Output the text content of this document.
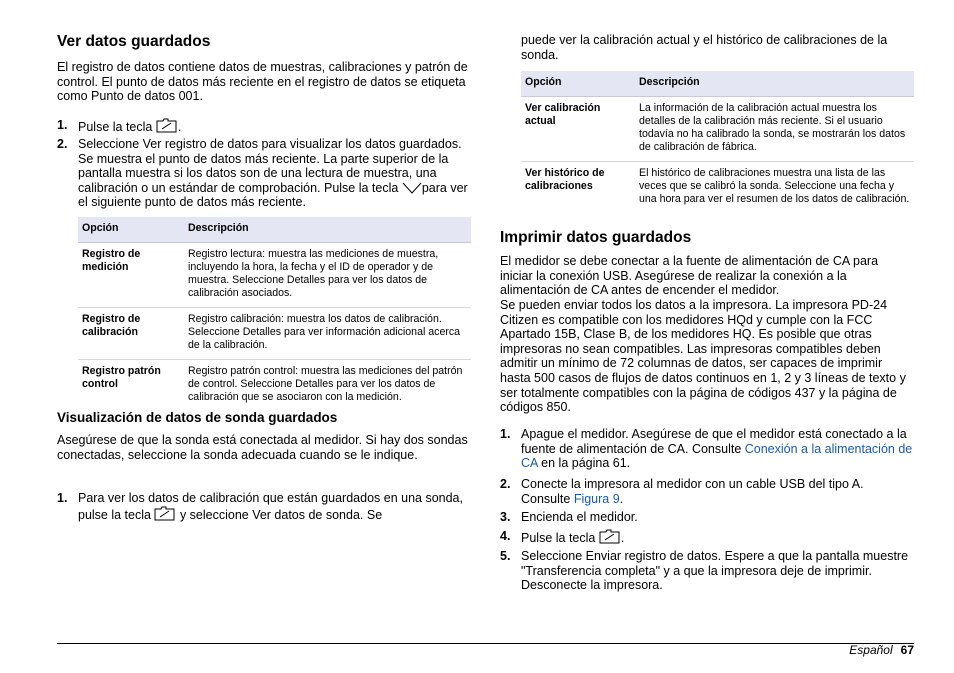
Ver datos guardados

El registro de datos contiene datos de muestras, calibraciones y patrón de control. El punto de datos más reciente en el registro de datos se etiqueta como Punto de datos 001.

1. Pulse la tecla .
2. Seleccione Ver registro de datos para visualizar los datos guardados. Se muestra el punto de datos más reciente. La parte superior de la pantalla muestra si los datos son de una lectura de muestra, una calibración o un estándar de comprobación. Pulse la tecla para ver el siguiente punto de datos más reciente.
Opción	Descripción
Registro de medición	Registro lectura: muestra las mediciones de muestra, incluyendo la hora, la fecha y el ID de operador y de muestra. Seleccione Detalles para ver los datos de calibración asociados.
Registro de calibración	Registro calibración: muestra los datos de calibración. Seleccione Detalles para ver información adicional acerca de la calibración.
Registro patrón control	Registro patrón control: muestra las mediciones del patrón de control. Seleccione Detalles para ver los datos de calibración que se asociaron con la medición.
Visualización de datos de sonda guardados

Asegúrese de que la sonda está conectada al medidor. Si hay dos sondas conectadas, seleccione la sonda adecuada cuando se le indique.

1. Para ver los datos de calibración que están guardados en una sonda, pulse la tecla y seleccione Ver datos de sonda. Se

puede ver la calibración actual y el histórico de calibraciones de la sonda.

Opción	Descripción
Ver calibración actual	La información de la calibración actual muestra los detalles de la calibración más reciente. Si el usuario todavía no ha calibrado la sonda, se mostrarán los datos de calibración de fábrica.
Ver histórico de calibraciones	El histórico de calibraciones muestra una lista de las veces que se calibró la sonda. Seleccione una fecha y una hora para ver el resumen de los datos de calibración.
Imprimir datos guardados

El medidor se debe conectar a la fuente de alimentación de CA para iniciar la conexión USB. Asegúrese de realizar la conexión a la alimentación de CA antes de encender el medidor.

Se pueden enviar todos los datos a la impresora. La impresora PD-24 Citizen es compatible con los medidores HQd y cumple con la FCC Apartado 15B, Clase B, de los medidores HQ. Es posible que otras impresoras no sean compatibles. Las impresoras compatibles deben admitir un mínimo de 72 columnas de datos, ser capaces de imprimir hasta 500 casos de flujos de datos continuos en 1, 2 y 3 líneas de texto y ser totalmente compatibles con la página de códigos 437 y la página de códigos 850.

1. Apague el medidor. Asegúrese de que el medidor está conectado a la fuente de alimentación de CA. Consulte Conexión a la alimentación de CA en la página 61.
2. Conecte la impresora al medidor con un cable USB del tipo A. Consulte Figura 9.
3. Encienda el medidor.
4. Pulse la tecla .
5. Seleccione Enviar registro de datos. Espere a que la pantalla muestre "Transferencia completa" y a que la impresora deje de imprimir. Desconecte la impresora.
Español 67
